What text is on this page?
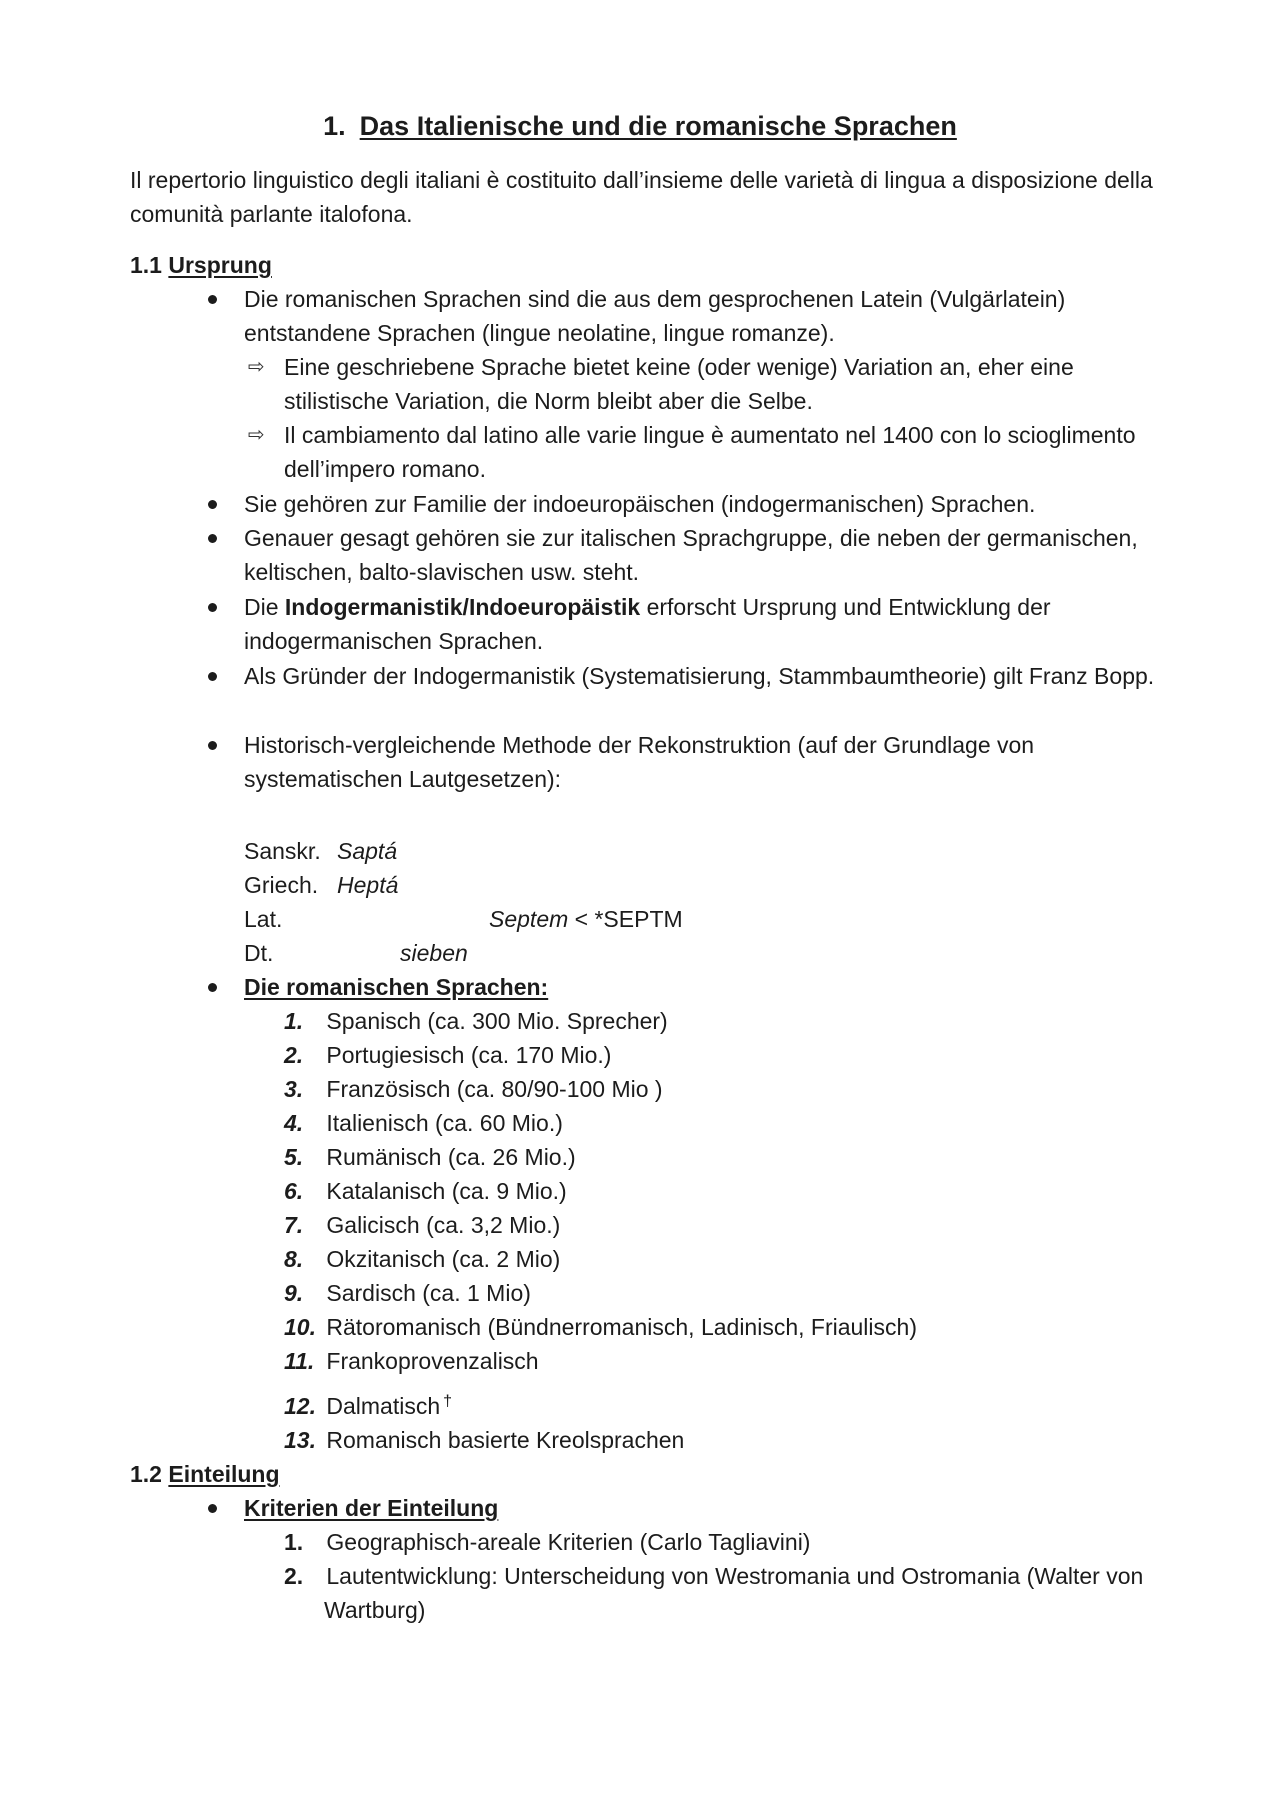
1. Das Italienische und die romanische Sprachen

Il repertorio linguistico degli italiani è costituito dall’insieme delle varietà di lingua a disposizione della comunità parlante italofona.

1.1 Ursprung
Die romanischen Sprachen sind die aus dem gesprochenen Latein (Vulgärlatein) entstandene Sprachen (lingue neolatine, lingue romanze).
⇨ Eine geschriebene Sprache bietet keine (oder wenige) Variation an, eher eine stilistische Variation, die Norm bleibt aber die Selbe.
⇨ Il cambiamento dal latino alle varie lingue è aumentato nel 1400 con lo scioglimento dell’impero romano.
Sie gehören zur Familie der indoeuropäischen (indogermanischen) Sprachen.
Genauer gesagt gehören sie zur italischen Sprachgruppe, die neben der germanischen, keltischen, balto-slavischen usw. steht.
Die Indogermanistik/Indoeuropäistik erforscht Ursprung und Entwicklung der indogermanischen Sprachen.
Als Gründer der Indogermanistik (Systematisierung, Stammbaumtheorie) gilt Franz Bopp.
Historisch-vergleichende Methode der Rekonstruktion (auf der Grundlage von systematischen Lautgesetzen):
Sanskr. Saptá
Griech. Heptá
Lat.	Septem < *SEPTM
Dt.	sieben
Die romanischen Sprachen:
1. Spanisch (ca. 300 Mio. Sprecher)
2. Portugiesisch (ca. 170 Mio.)
3. Französisch (ca. 80/90-100 Mio )
4. Italienisch (ca. 60 Mio.)
5. Rumänisch (ca. 26 Mio.)
6. Katalanisch (ca. 9 Mio.)
7. Galicisch (ca. 3,2 Mio.)
8. Okzitanisch (ca. 2 Mio)
9. Sardisch (ca. 1 Mio)
10. Rätoromanisch (Bündnerromanisch, Ladinisch, Friaulisch)
11. Frankoprovenzalisch
12. Dalmatisch †
13. Romanisch basierte Kreolsprachen
1.2 Einteilung
Kriterien der Einteilung
1. Geographisch-areale Kriterien (Carlo Tagliavini)
2. Lautentwicklung: Unterscheidung von Westromania und Ostromania (Walter von Wartburg)
